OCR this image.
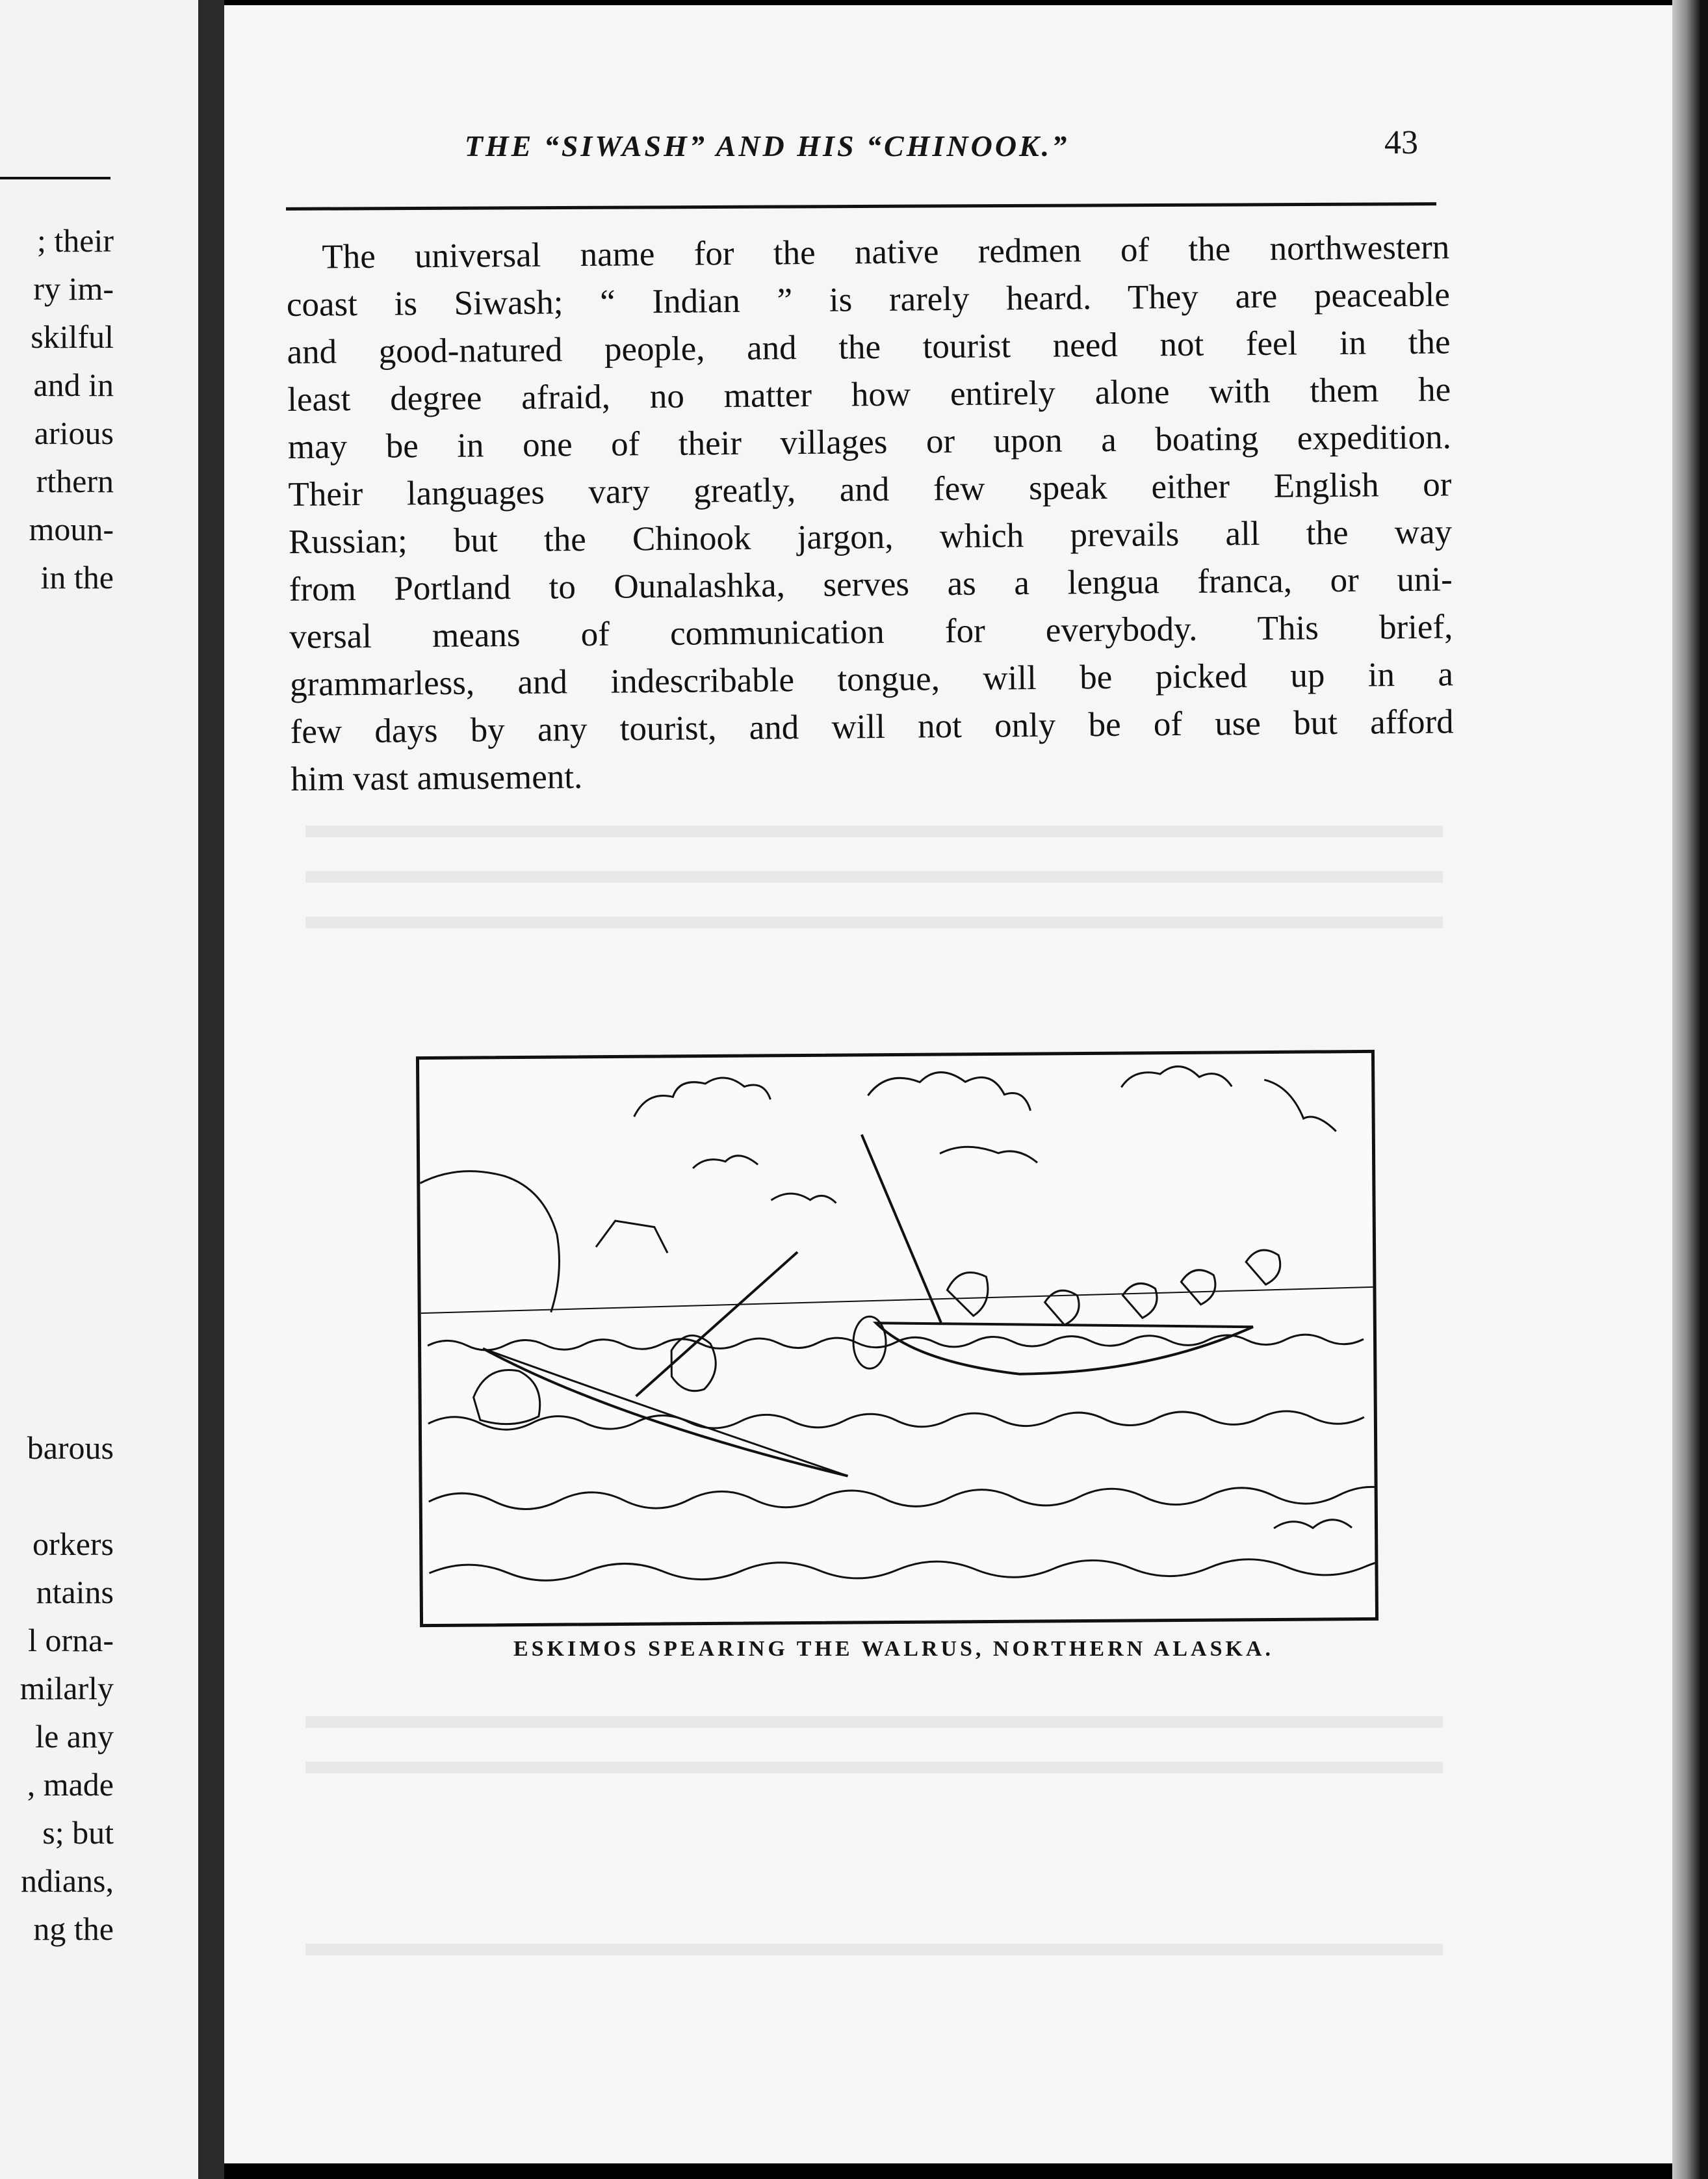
; their
ry im-
skilful
and in
arious
rthern
moun-
in the
barous
orkers
ntains
l orna-
milarly
le any
, made
s; but
ndians,
ng the
THE “SIWASH” AND HIS “CHINOOK.”	43
The universal name for the native redmen of the northwestern
coast is Siwash; “ Indian ” is rarely heard. They are peaceable
and good-natured people, and the tourist need not feel in the
least degree afraid, no matter how entirely alone with them he
may be in one of their villages or upon a boating expedition.
Their languages vary greatly, and few speak either English or
Russian; but the Chinook jargon, which prevails all the way
from Portland to Ounalashka, serves as a lengua franca, or uni-
versal means of communication for everybody. This brief,
grammarless, and indescribable tongue, will be picked up in a
few days by any tourist, and will not only be of use but afford
him vast amusement.
ESKIMOS SPEARING THE WALRUS, NORTHERN ALASKA.
